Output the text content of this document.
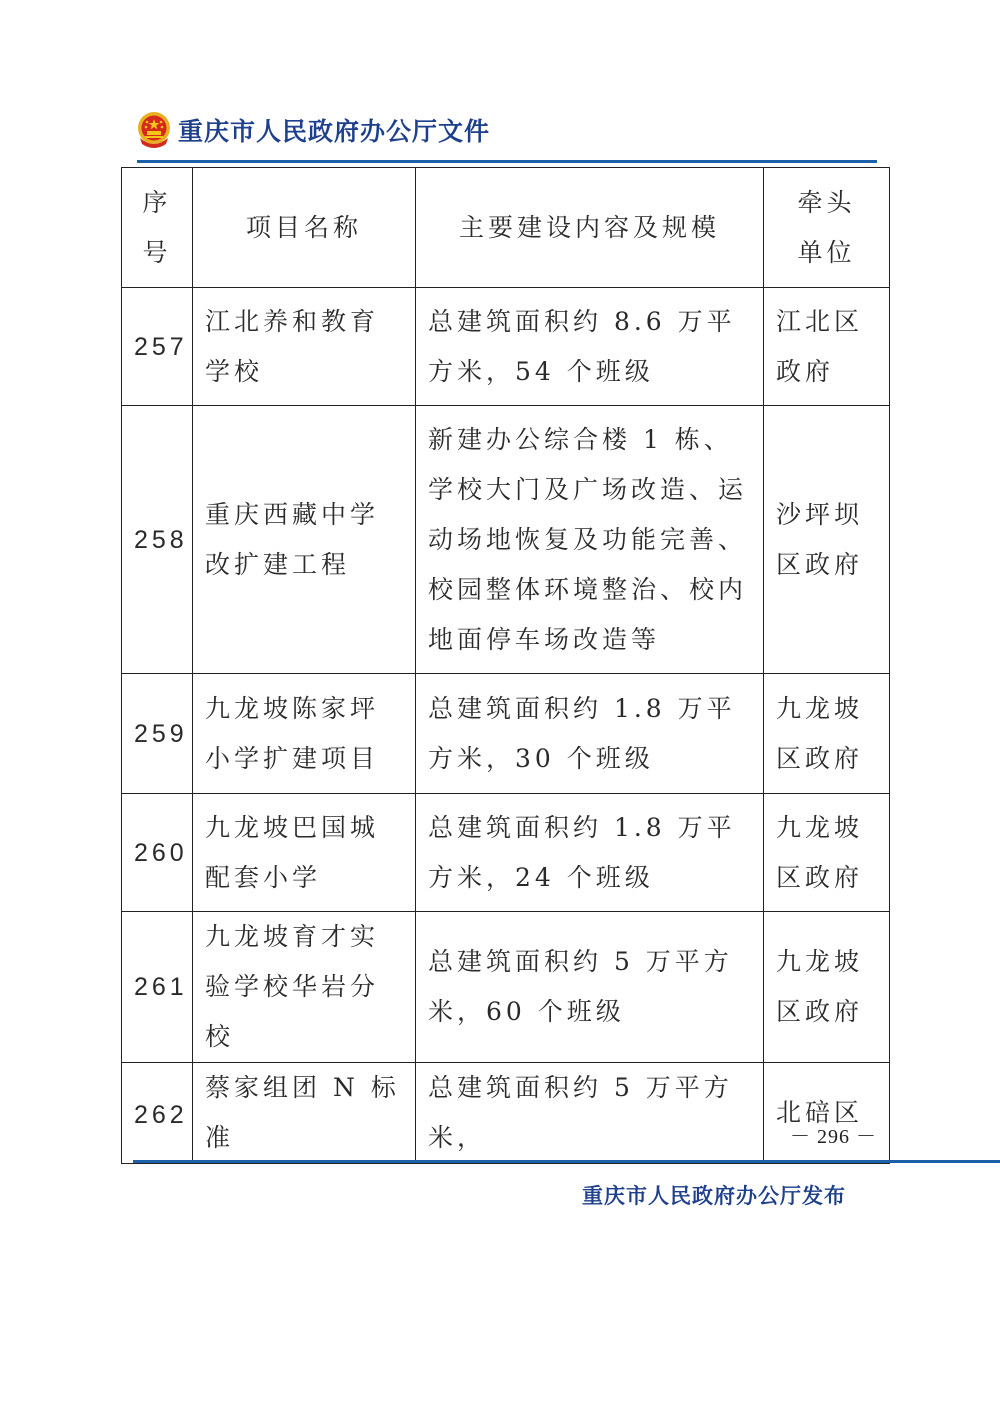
重庆市人民政府办公厅文件
序号	项目名称	主要建设内容及规模	牵头单位
257	江北养和教育学校	总建筑面积约 8.6 万平方米，54 个班级	江北区政府
258	重庆西藏中学改扩建工程	新建办公综合楼 1 栋、学校大门及广场改造、运动场地恢复及功能完善、校园整体环境整治、校内地面停车场改造等	沙坪坝区政府
259	九龙坡陈家坪小学扩建项目	总建筑面积约 1.8 万平方米，30 个班级	九龙坡区政府
260	九龙坡巴国城配套小学	总建筑面积约 1.8 万平方米，24 个班级	九龙坡区政府
261	九龙坡育才实验学校华岩分校	总建筑面积约 5 万平方米，60 个班级	九龙坡区政府
262	蔡家组团 N 标准	总建筑面积约 5 万平方米，	北碚区
－ 296 －
重庆市人民政府办公厅发布
